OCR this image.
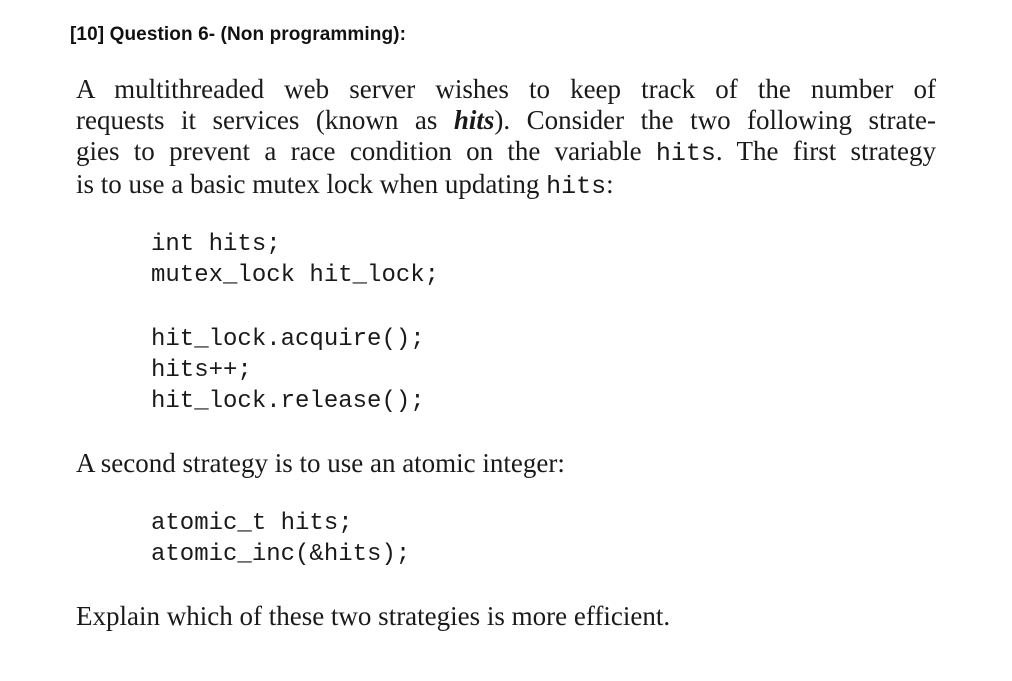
[10] Question 6- (Non programming):
A multithreaded web server wishes to keep track of the number of
requests it services (known as hits). Consider the two following strate-
gies to prevent a race condition on the variable hits. The first strategy
is to use a basic mutex lock when updating hits:
int hits;
mutex_lock hit_lock;
hit_lock.acquire();
hits++;
hit_lock.release();
A second strategy is to use an atomic integer:
atomic_t hits;
atomic_inc(&hits);
Explain which of these two strategies is more efficient.
